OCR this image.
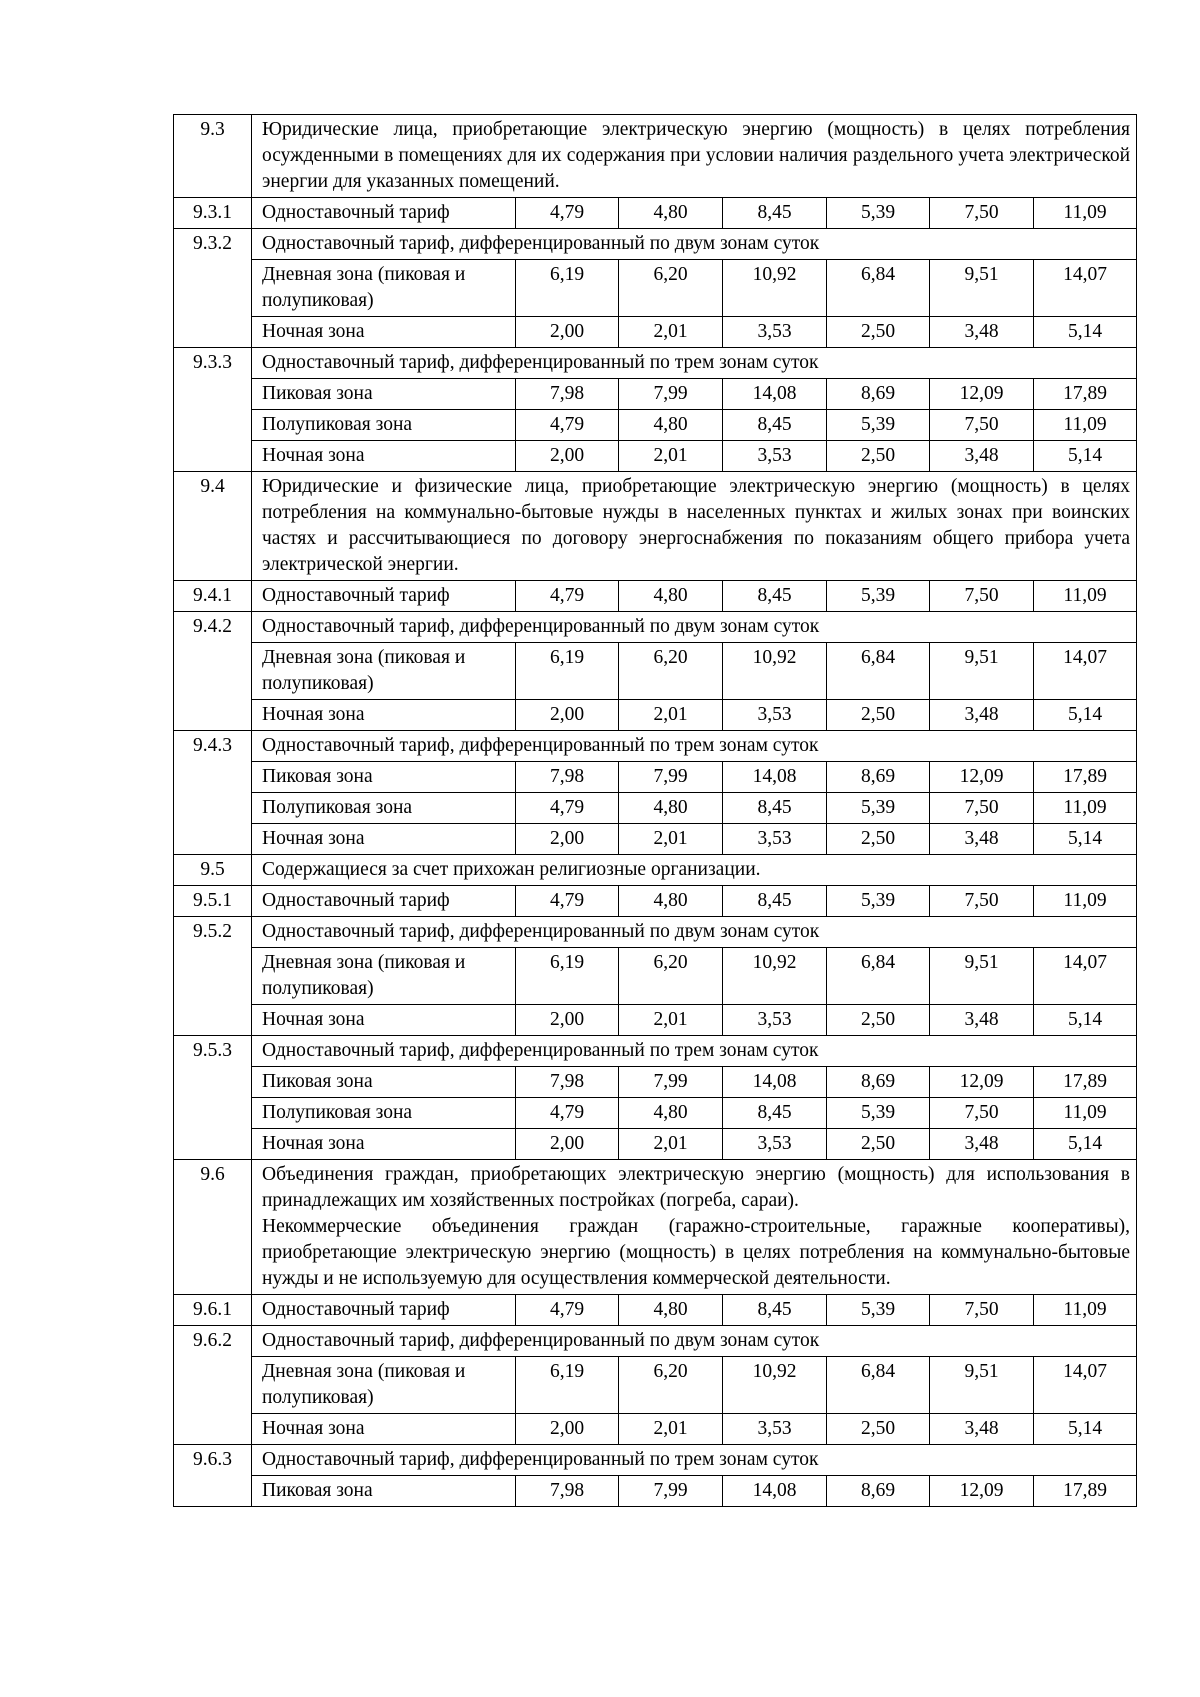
9.3	Юридические лица, приобретающие электрическую энергию (мощность) в целях потребления осужденными в помещениях для их содержания при условии наличия раздельного учета электрической энергии для указанных помещений.						

9.3.1	Одноставочный тариф	4,79	4,80	8,45	5,39	7,50	11,09
9.3.2	Одноставочный тариф, дифференцированный по двум зонам суток						
	Дневная зона (пиковая и полупиковая)	6,19	6,20	10,92	6,84	9,51	14,07
	Ночная зона	2,00	2,01	3,53	2,50	3,48	5,14
9.3.3	Одноставочный тариф, дифференцированный по трем зонам суток						
	Пиковая зона	7,98	7,99	14,08	8,69	12,09	17,89
	Полупиковая зона	4,79	4,80	8,45	5,39	7,50	11,09
	Ночная зона	2,00	2,01	3,53	2,50	3,48	5,14
9.4	Юридические и физические лица, приобретающие электрическую энергию (мощность) в целях потребления на коммунально-бытовые нужды в населенных пунктах и жилых зонах при воинских частях и рассчитывающиеся по договору энергоснабжения по показаниям общего прибора учета электрической энергии.						

9.4.1	Одноставочный тариф	4,79	4,80	8,45	5,39	7,50	11,09
9.4.2	Одноставочный тариф, дифференцированный по двум зонам суток						
	Дневная зона (пиковая и полупиковая)	6,19	6,20	10,92	6,84	9,51	14,07
	Ночная зона	2,00	2,01	3,53	2,50	3,48	5,14
9.4.3	Одноставочный тариф, дифференцированный по трем зонам суток						
	Пиковая зона	7,98	7,99	14,08	8,69	12,09	17,89
	Полупиковая зона	4,79	4,80	8,45	5,39	7,50	11,09
	Ночная зона	2,00	2,01	3,53	2,50	3,48	5,14
9.5	Содержащиеся за счет прихожан религиозные организации.						

9.5.1	Одноставочный тариф	4,79	4,80	8,45	5,39	7,50	11,09
9.5.2	Одноставочный тариф, дифференцированный по двум зонам суток						
	Дневная зона (пиковая и полупиковая)	6,19	6,20	10,92	6,84	9,51	14,07
	Ночная зона	2,00	2,01	3,53	2,50	3,48	5,14
9.5.3	Одноставочный тариф, дифференцированный по трем зонам суток						
	Пиковая зона	7,98	7,99	14,08	8,69	12,09	17,89
	Полупиковая зона	4,79	4,80	8,45	5,39	7,50	11,09
	Ночная зона	2,00	2,01	3,53	2,50	3,48	5,14
9.6	Объединения граждан, приобретающих электрическую энергию (мощность) для использования в принадлежащих им хозяйственных постройках (погреба, сараи).
Некоммерческие объединения граждан (гаражно-строительные, гаражные кооперативы), приобретающие электрическую энергию (мощность) в целях потребления на коммунально-бытовые нужды и не используемую для осуществления коммерческой деятельности.						

9.6.1	Одноставочный тариф	4,79	4,80	8,45	5,39	7,50	11,09
9.6.2	Одноставочный тариф, дифференцированный по двум зонам суток						
	Дневная зона (пиковая и полупиковая)	6,19	6,20	10,92	6,84	9,51	14,07
	Ночная зона	2,00	2,01	3,53	2,50	3,48	5,14
9.6.3	Одноставочный тариф, дифференцированный по трем зонам суток						
	Пиковая зона	7,98	7,99	14,08	8,69	12,09	17,89
